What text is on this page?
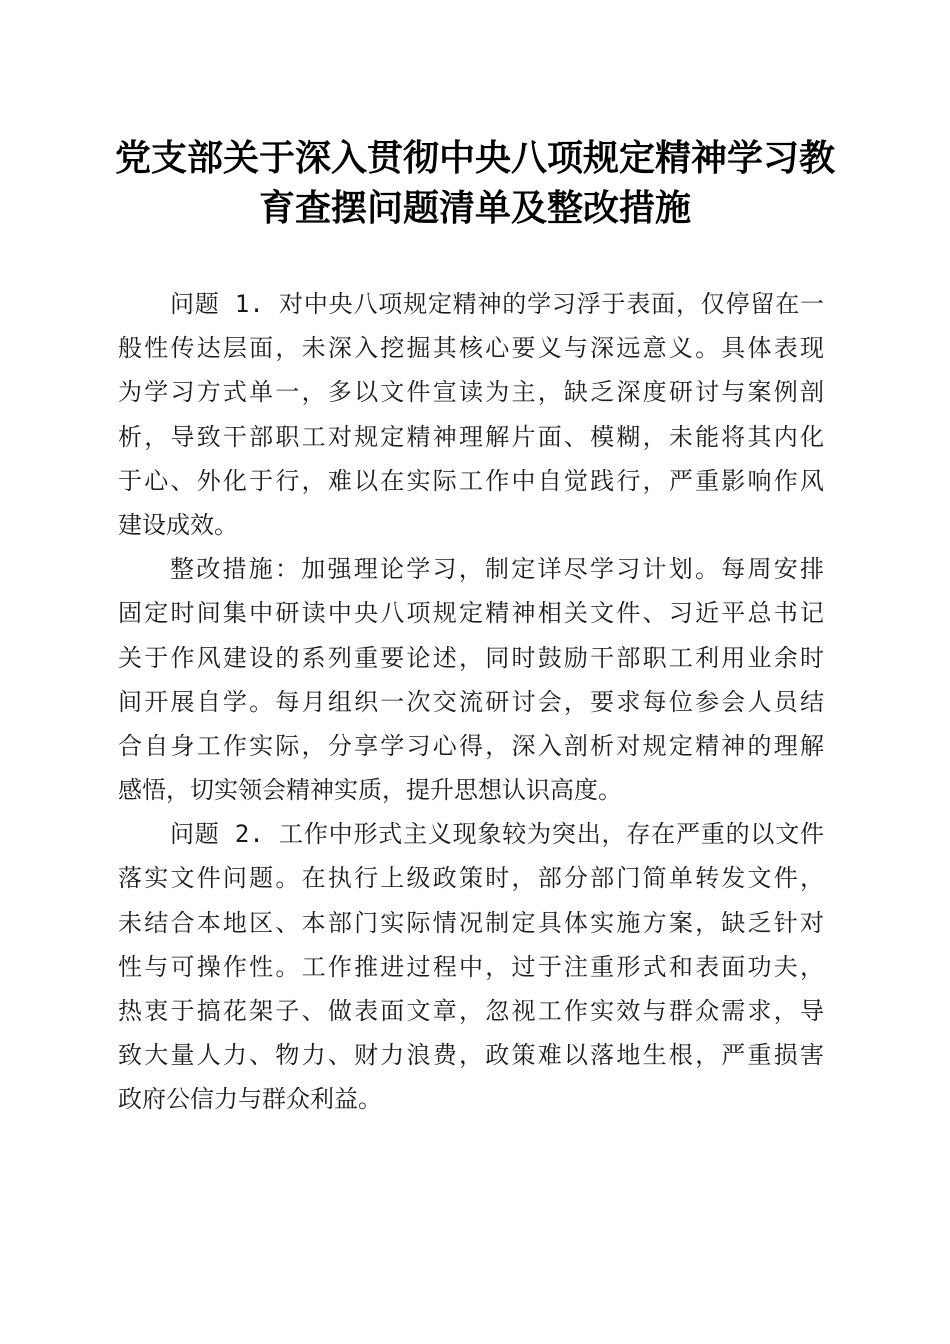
党支部关于深入贯彻中央八项规定精神学习教
育查摆问题清单及整改措施
问题 1. 对中央八项规定精神的学习浮于表面，仅停留在一
般性传达层面，未深入挖掘其核心要义与深远意义。具体表现
为学习方式单一，多以文件宣读为主，缺乏深度研讨与案例剖
析，导致干部职工对规定精神理解片面、模糊，未能将其内化
于心、外化于行，难以在实际工作中自觉践行，严重影响作风
建设成效。
整改措施：加强理论学习，制定详尽学习计划。每周安排
固定时间集中研读中央八项规定精神相关文件、习近平总书记
关于作风建设的系列重要论述，同时鼓励干部职工利用业余时
间开展自学。每月组织一次交流研讨会，要求每位参会人员结
合自身工作实际，分享学习心得，深入剖析对规定精神的理解
感悟，切实领会精神实质，提升思想认识高度。
问题 2. 工作中形式主义现象较为突出，存在严重的以文件
落实文件问题。在执行上级政策时，部分部门简单转发文件，
未结合本地区、本部门实际情况制定具体实施方案，缺乏针对
性与可操作性。工作推进过程中，过于注重形式和表面功夫，
热衷于搞花架子、做表面文章，忽视工作实效与群众需求，导
致大量人力、物力、财力浪费，政策难以落地生根，严重损害
政府公信力与群众利益。
